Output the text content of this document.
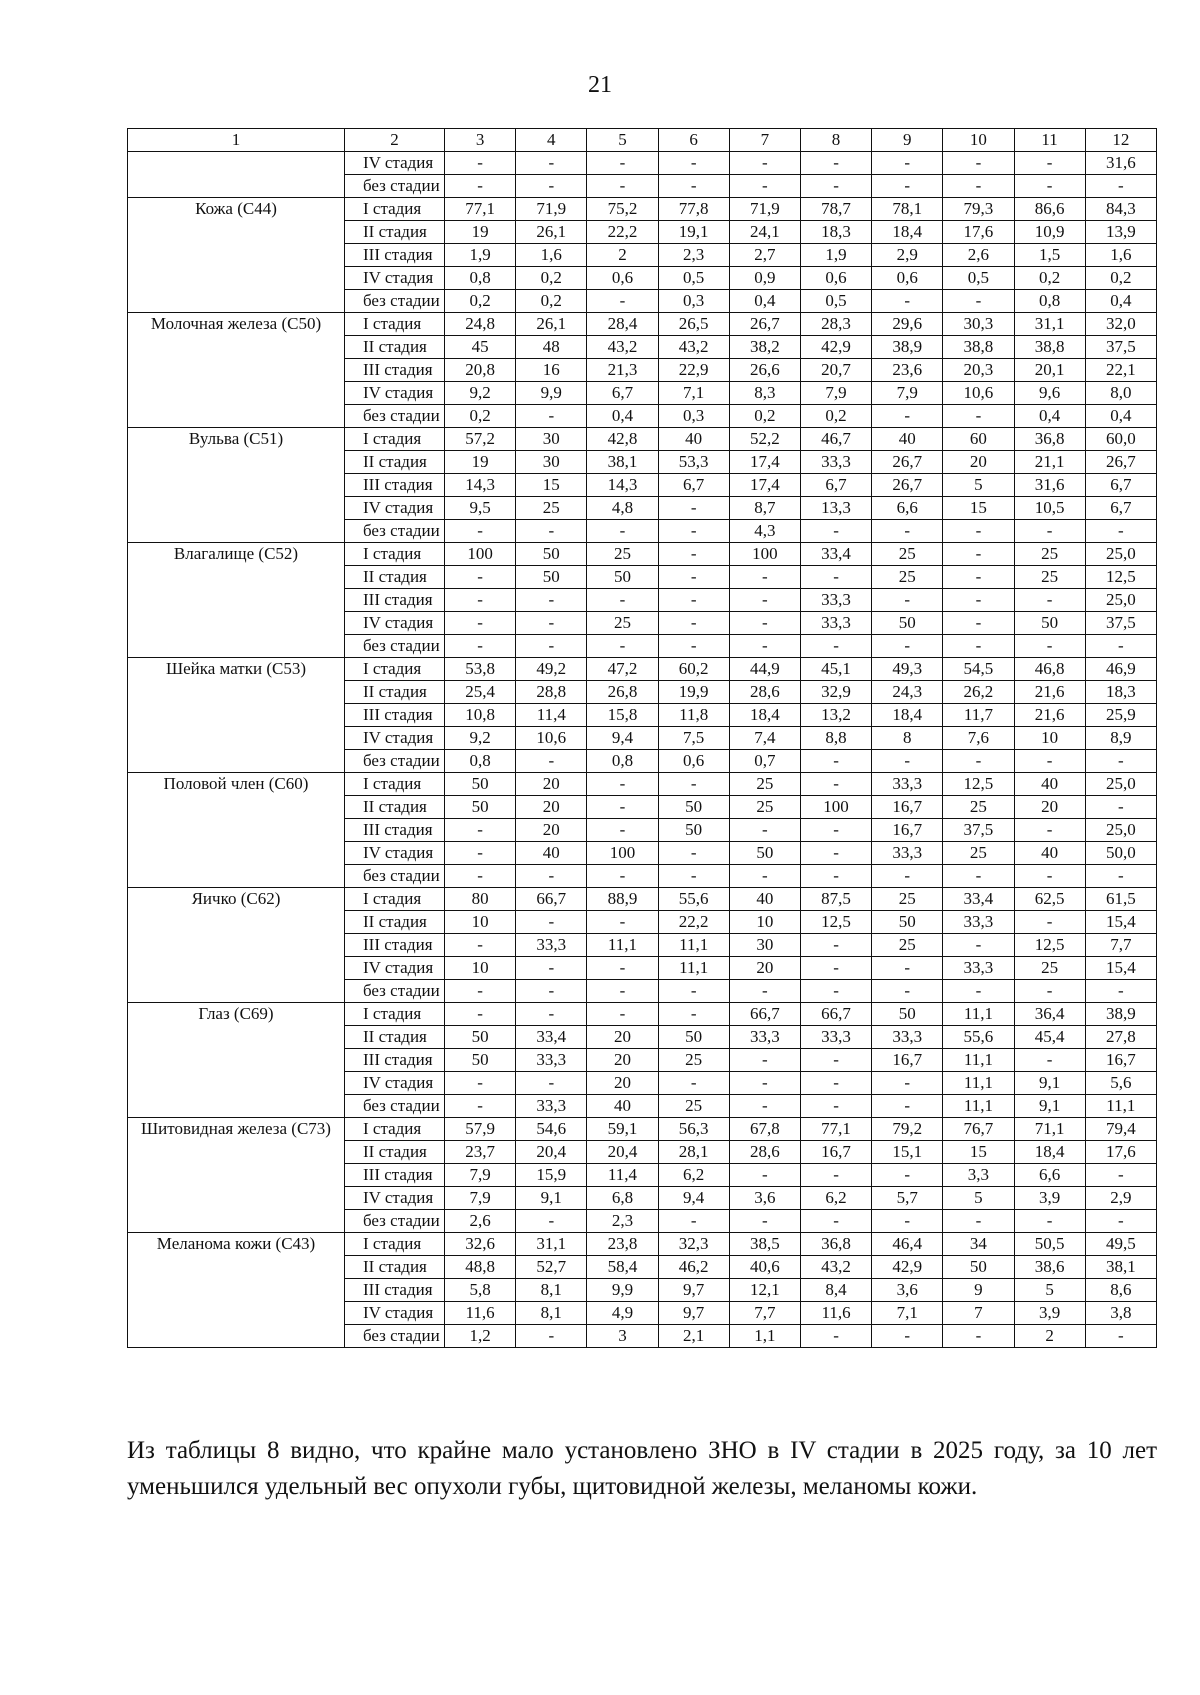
21
1	2	3	4	5	6	7	8	9	10	11	12
	IV стадия	-	-	-	-	-	-	-	-	-	31,6
	без стадии	-	-	-	-	-	-	-	-	-	-
Кожа (С44)	I стадия	77,1	71,9	75,2	77,8	71,9	78,7	78,1	79,3	86,6	84,3
	II стадия	19	26,1	22,2	19,1	24,1	18,3	18,4	17,6	10,9	13,9
	III стадия	1,9	1,6	2	2,3	2,7	1,9	2,9	2,6	1,5	1,6
	IV стадия	0,8	0,2	0,6	0,5	0,9	0,6	0,6	0,5	0,2	0,2
	без стадии	0,2	0,2	-	0,3	0,4	0,5	-	-	0,8	0,4
Молочная железа (С50)	I стадия	24,8	26,1	28,4	26,5	26,7	28,3	29,6	30,3	31,1	32,0
	II стадия	45	48	43,2	43,2	38,2	42,9	38,9	38,8	38,8	37,5
	III стадия	20,8	16	21,3	22,9	26,6	20,7	23,6	20,3	20,1	22,1
	IV стадия	9,2	9,9	6,7	7,1	8,3	7,9	7,9	10,6	9,6	8,0
	без стадии	0,2	-	0,4	0,3	0,2	0,2	-	-	0,4	0,4
Вульва (С51)	I стадия	57,2	30	42,8	40	52,2	46,7	40	60	36,8	60,0
	II стадия	19	30	38,1	53,3	17,4	33,3	26,7	20	21,1	26,7
	III стадия	14,3	15	14,3	6,7	17,4	6,7	26,7	5	31,6	6,7
	IV стадия	9,5	25	4,8	-	8,7	13,3	6,6	15	10,5	6,7
	без стадии	-	-	-	-	4,3	-	-	-	-	-
Влагалище (С52)	I стадия	100	50	25	-	100	33,4	25	-	25	25,0
	II стадия	-	50	50	-	-	-	25	-	25	12,5
	III стадия	-	-	-	-	-	33,3	-	-	-	25,0
	IV стадия	-	-	25	-	-	33,3	50	-	50	37,5
	без стадии	-	-	-	-	-	-	-	-	-	-
Шейка матки (С53)	I стадия	53,8	49,2	47,2	60,2	44,9	45,1	49,3	54,5	46,8	46,9
	II стадия	25,4	28,8	26,8	19,9	28,6	32,9	24,3	26,2	21,6	18,3
	III стадия	10,8	11,4	15,8	11,8	18,4	13,2	18,4	11,7	21,6	25,9
	IV стадия	9,2	10,6	9,4	7,5	7,4	8,8	8	7,6	10	8,9
	без стадии	0,8	-	0,8	0,6	0,7	-	-	-	-	-
Половой член (С60)	I стадия	50	20	-	-	25	-	33,3	12,5	40	25,0
	II стадия	50	20	-	50	25	100	16,7	25	20	-
	III стадия	-	20	-	50	-	-	16,7	37,5	-	25,0
	IV стадия	-	40	100	-	50	-	33,3	25	40	50,0
	без стадии	-	-	-	-	-	-	-	-	-	-
Яичко (С62)	I стадия	80	66,7	88,9	55,6	40	87,5	25	33,4	62,5	61,5
	II стадия	10	-	-	22,2	10	12,5	50	33,3	-	15,4
	III стадия	-	33,3	11,1	11,1	30	-	25	-	12,5	7,7
	IV стадия	10	-	-	11,1	20	-	-	33,3	25	15,4
	без стадии	-	-	-	-	-	-	-	-	-	-
Глаз (С69)	I стадия	-	-	-	-	66,7	66,7	50	11,1	36,4	38,9
	II стадия	50	33,4	20	50	33,3	33,3	33,3	55,6	45,4	27,8
	III стадия	50	33,3	20	25	-	-	16,7	11,1	-	16,7
	IV стадия	-	-	20	-	-	-	-	11,1	9,1	5,6
	без стадии	-	33,3	40	25	-	-	-	11,1	9,1	11,1
Шитовидная железа (С73)	I стадия	57,9	54,6	59,1	56,3	67,8	77,1	79,2	76,7	71,1	79,4
	II стадия	23,7	20,4	20,4	28,1	28,6	16,7	15,1	15	18,4	17,6
	III стадия	7,9	15,9	11,4	6,2	-	-	-	3,3	6,6	-
	IV стадия	7,9	9,1	6,8	9,4	3,6	6,2	5,7	5	3,9	2,9
	без стадии	2,6	-	2,3	-	-	-	-	-	-	-
Меланома кожи (С43)	I стадия	32,6	31,1	23,8	32,3	38,5	36,8	46,4	34	50,5	49,5
	II стадия	48,8	52,7	58,4	46,2	40,6	43,2	42,9	50	38,6	38,1
	III стадия	5,8	8,1	9,9	9,7	12,1	8,4	3,6	9	5	8,6
	IV стадия	11,6	8,1	4,9	9,7	7,7	11,6	7,1	7	3,9	3,8
	без стадии	1,2	-	3	2,1	1,1	-	-	-	2	-

Из таблицы 8 видно, что крайне мало установлено ЗНО в IV стадии в 2025 году, за 10 лет уменьшился удельный вес опухоли губы, щитовидной железы, меланомы кожи.
